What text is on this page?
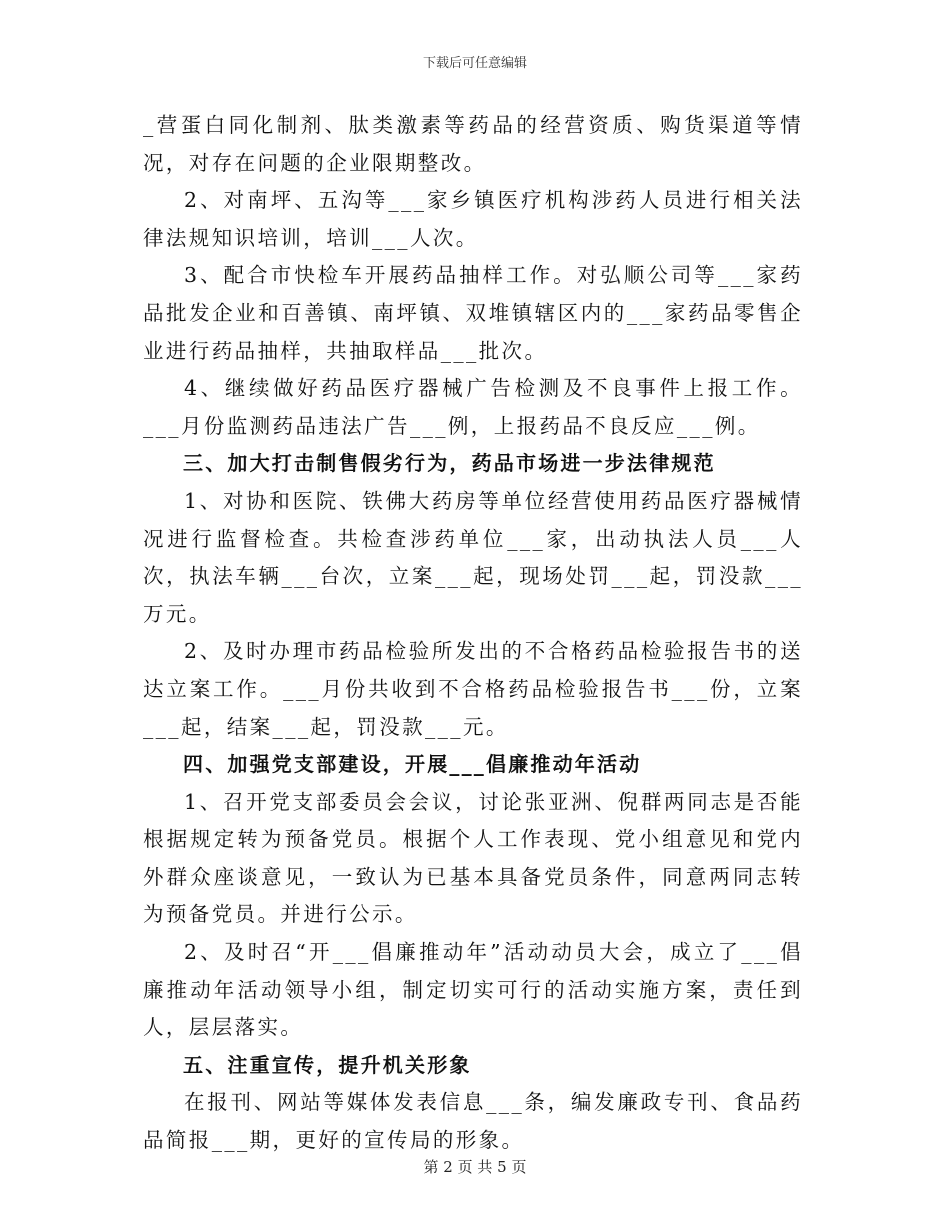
下载后可任意编辑

_营蛋白同化制剂、肽类激素等药品的经营资质、购货渠道等情况，对存在问题的企业限期整改。

2、对南坪、五沟等___家乡镇医疗机构涉药人员进行相关法律法规知识培训，培训___人次。

3、配合市快检车开展药品抽样工作。对弘顺公司等___家药品批发企业和百善镇、南坪镇、双堆镇辖区内的___家药品零售企业进行药品抽样，共抽取样品___批次。

4、继续做好药品医疗器械广告检测及不良事件上报工作。___月份监测药品违法广告___例，上报药品不良反应___例。

三、加大打击制售假劣行为，药品市场进一步法律规范

1、对协和医院、铁佛大药房等单位经营使用药品医疗器械情况进行监督检查。共检查涉药单位___家，出动执法人员___人次，执法车辆___台次，立案___起，现场处罚___起，罚没款___万元。

2、及时办理市药品检验所发出的不合格药品检验报告书的送达立案工作。___月份共收到不合格药品检验报告书___份，立案___起，结案___起，罚没款___元。

四、加强党支部建设，开展___倡廉推动年活动

1、召开党支部委员会会议，讨论张亚洲、倪群两同志是否能根据规定转为预备党员。根据个人工作表现、党小组意见和党内外群众座谈意见，一致认为已基本具备党员条件，同意两同志转为预备党员。并进行公示。

2、及时召“开___倡廉推动年”活动动员大会，成立了___倡廉推动年活动领导小组，制定切实可行的活动实施方案，责任到人，层层落实。

五、注重宣传，提升机关形象

在报刊、网站等媒体发表信息___条，编发廉政专刊、食品药品简报___期，更好的宣传局的形象。

第 2 页 共 5 页
